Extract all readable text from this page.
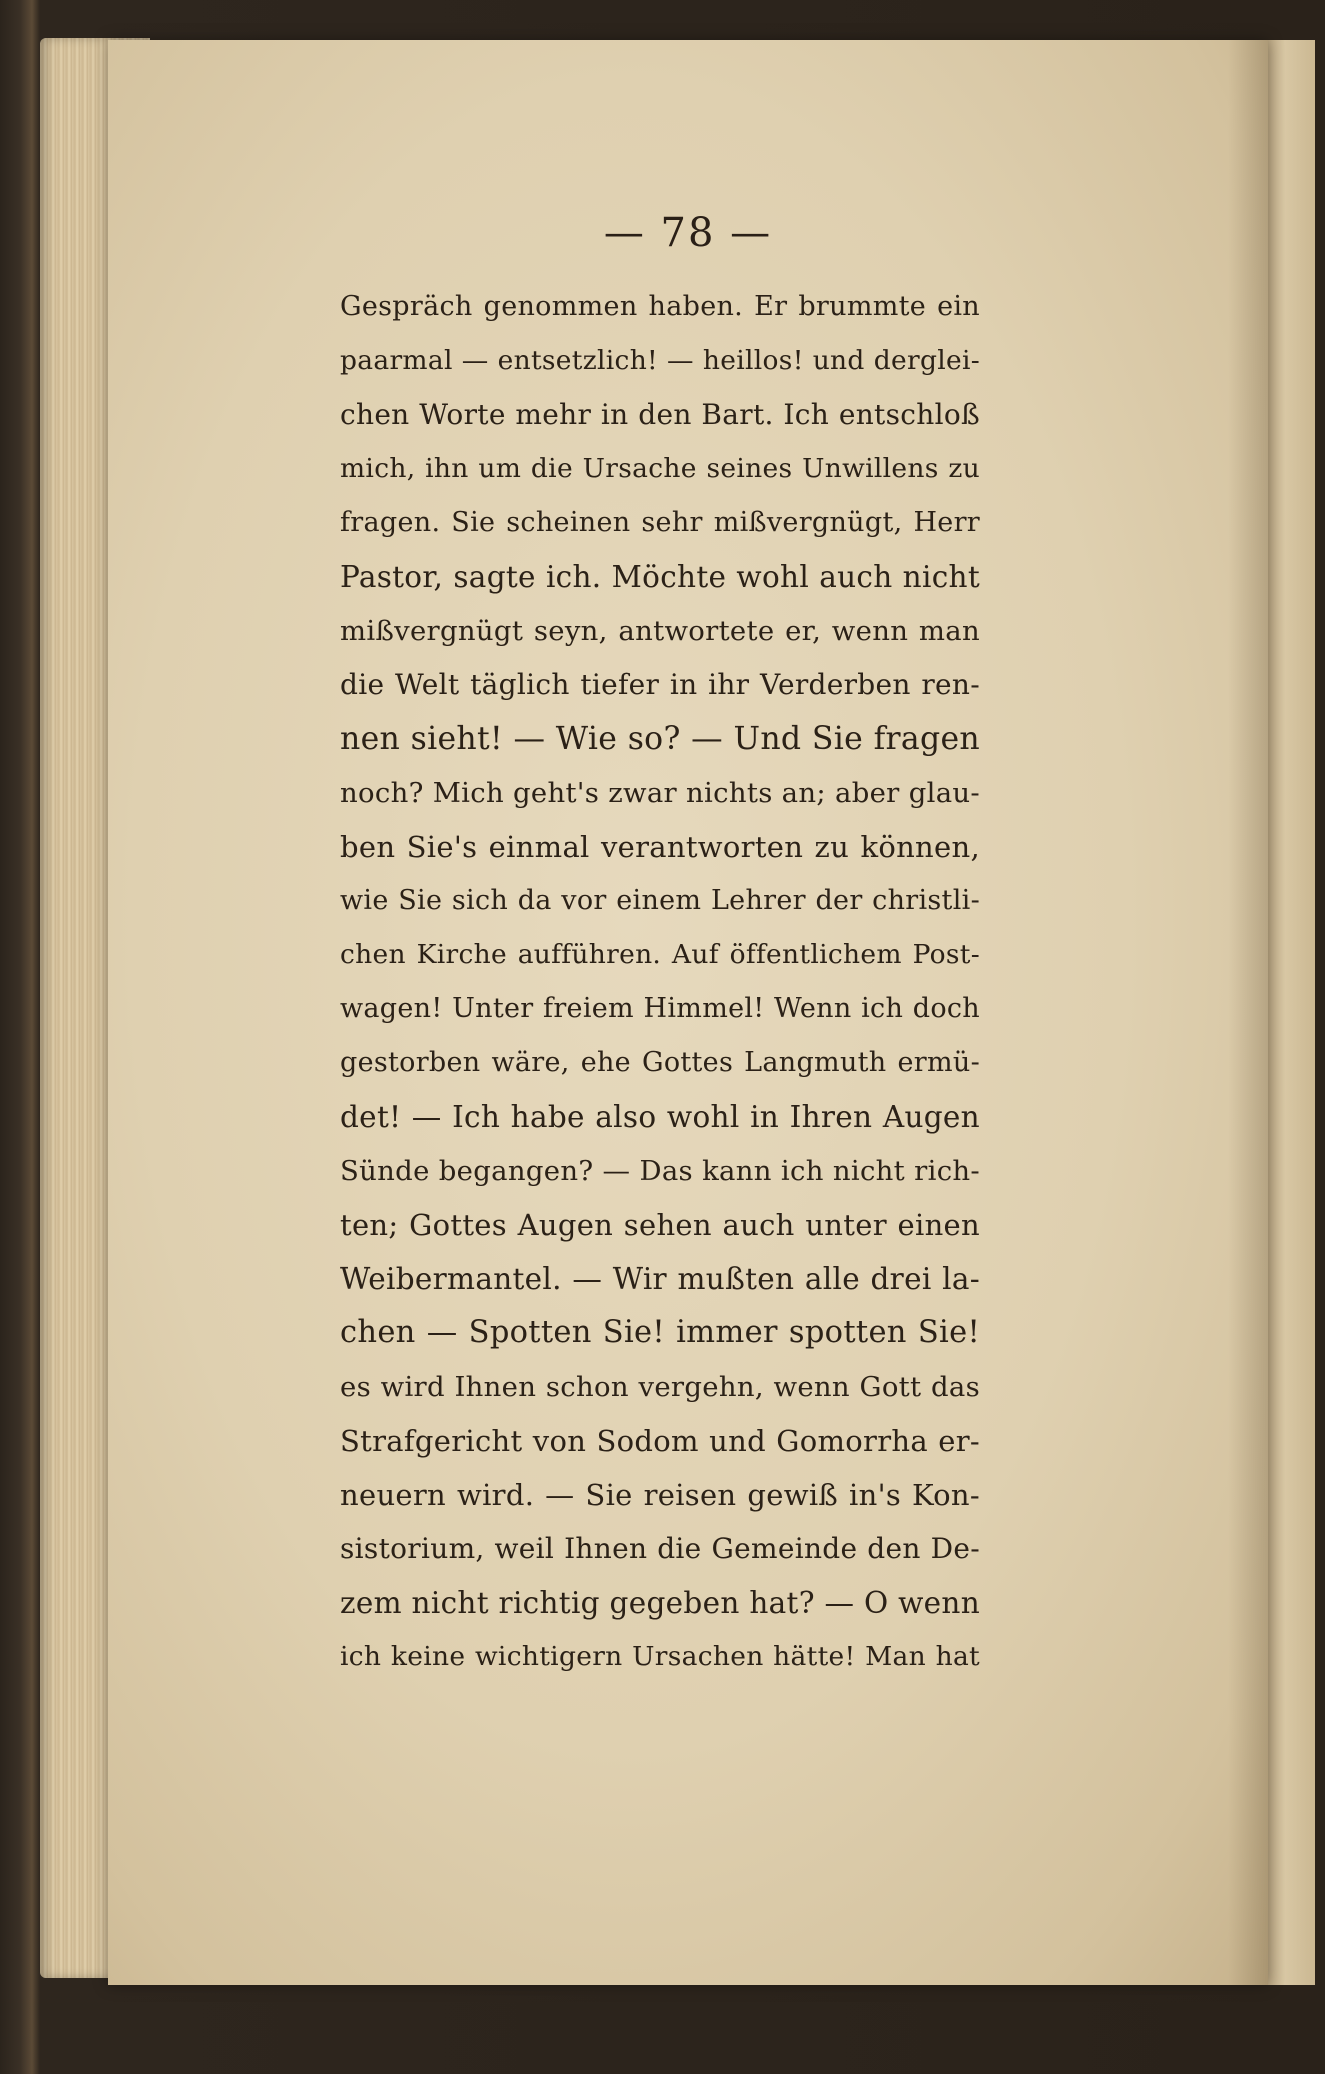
— 78 —
Gespräch genommen haben. Er brummte ein
paarmal — entsetzlich! — heillos! und derglei-
chen Worte mehr in den Bart. Ich entschloß
mich, ihn um die Ursache seines Unwillens zu
fragen. Sie scheinen sehr mißvergnügt, Herr
Pastor, sagte ich. Möchte wohl auch nicht
mißvergnügt seyn, antwortete er, wenn man
die Welt täglich tiefer in ihr Verderben ren-
nen sieht! — Wie so? — Und Sie fragen
noch? Mich geht's zwar nichts an; aber glau-
ben Sie's einmal verantworten zu können,
wie Sie sich da vor einem Lehrer der christli-
chen Kirche aufführen. Auf öffentlichem Post-
wagen! Unter freiem Himmel! Wenn ich doch
gestorben wäre, ehe Gottes Langmuth ermü-
det! — Ich habe also wohl in Ihren Augen
Sünde begangen? — Das kann ich nicht rich-
ten; Gottes Augen sehen auch unter einen
Weibermantel. — Wir mußten alle drei la-
chen — Spotten Sie! immer spotten Sie!
es wird Ihnen schon vergehn, wenn Gott das
Strafgericht von Sodom und Gomorrha er-
neuern wird. — Sie reisen gewiß in's Kon-
sistorium, weil Ihnen die Gemeinde den De-
zem nicht richtig gegeben hat? — O wenn
ich keine wichtigern Ursachen hätte! Man hat
